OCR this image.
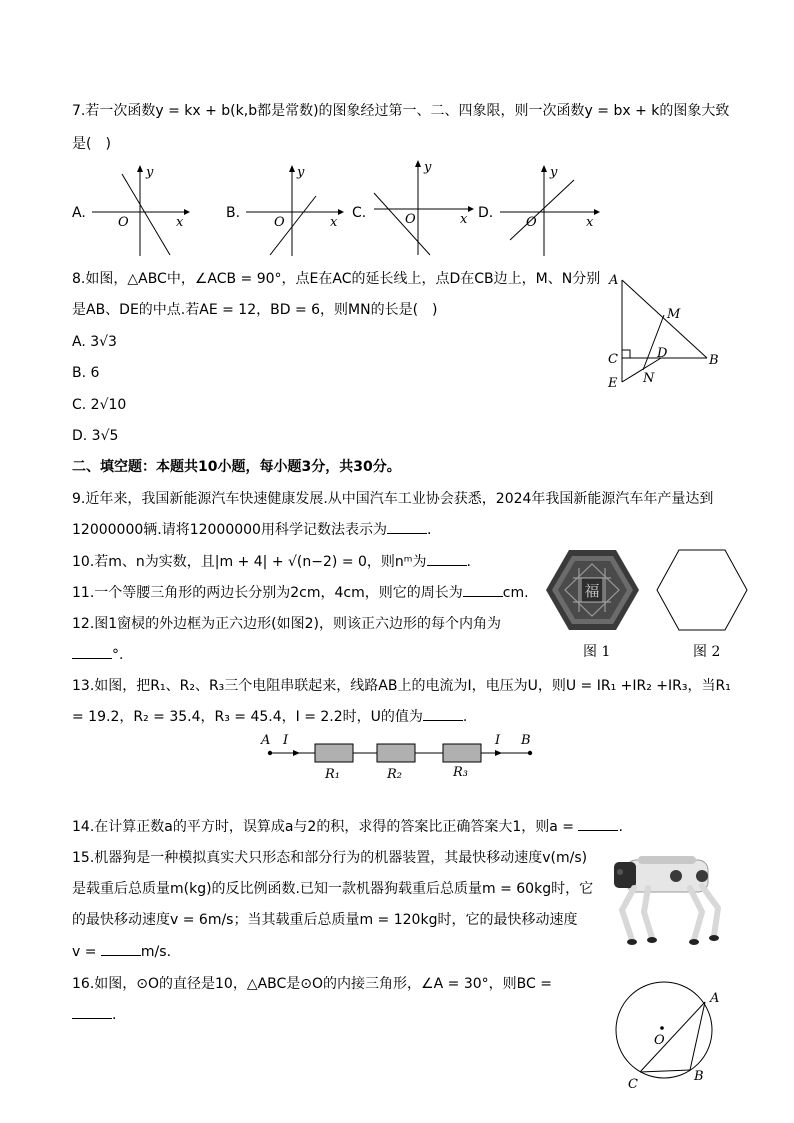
7.若一次函数y = kx + b(k,b都是常数)的图象经过第一、二、四象限，则一次函数y = bx + k的图象大致
是(　)
A.
y
x
O
B.
y
x
O
C.
y
x
O	D.
y
x
O
8.如图，△ABC中，∠ACB = 90°，点E在AC的延长线上，点D在CB边上，M、N分别
是AB、DE的中点.若AE = 12，BD = 6，则MN的长是(　)
A. 3√3
B. 6
C. 2√10
D. 3√5
A
M
C	D	B
E N
二、填空题：本题共10小题，每小题3分，共30分。
9.近年来，我国新能源汽车快速健康发展.从中国汽车工业协会获悉，2024年我国新能源汽车年产量达到
12000000辆.请将12000000用科学记数法表示为	.
10.若m、n为实数，且|m + 4| + √(n−2) = 0，则nᵐ为	.
11.一个等腰三角形的两边长分别为2cm，4cm，则它的周长为	cm.
12.图1窗棂的外边框为正六边形(如图2)，则该正六边形的每个内角为
°.
福
图 1	图 2
13.如图，把R₁、R₂、R₃三个电阻串联起来，线路AB上的电流为I，电压为U，则U = IR₁ +IR₂ +IR₃，当R₁
= 19.2，R₂ = 35.4，R₃ = 45.4，I = 2.2时，U的值为	.
A I	I B
R₁	R₂	R₃
14.在计算正数a的平方时，误算成a与2的积，求得的答案比正确答案大1，则a =	.
15.机器狗是一种模拟真实犬只形态和部分行为的机器装置，其最快移动速度v(m/s)
是载重后总质量m(kg)的反比例函数.已知一款机器狗载重后总质量m = 60kg时，它
的最快移动速度v = 6m/s；当其载重后总质量m = 120kg时，它的最快移动速度
v =	m/s.
16.如图，⊙O的直径是10，△ABC是⊙O的内接三角形，∠A = 30°，则BC =
.
A
O
B
C
